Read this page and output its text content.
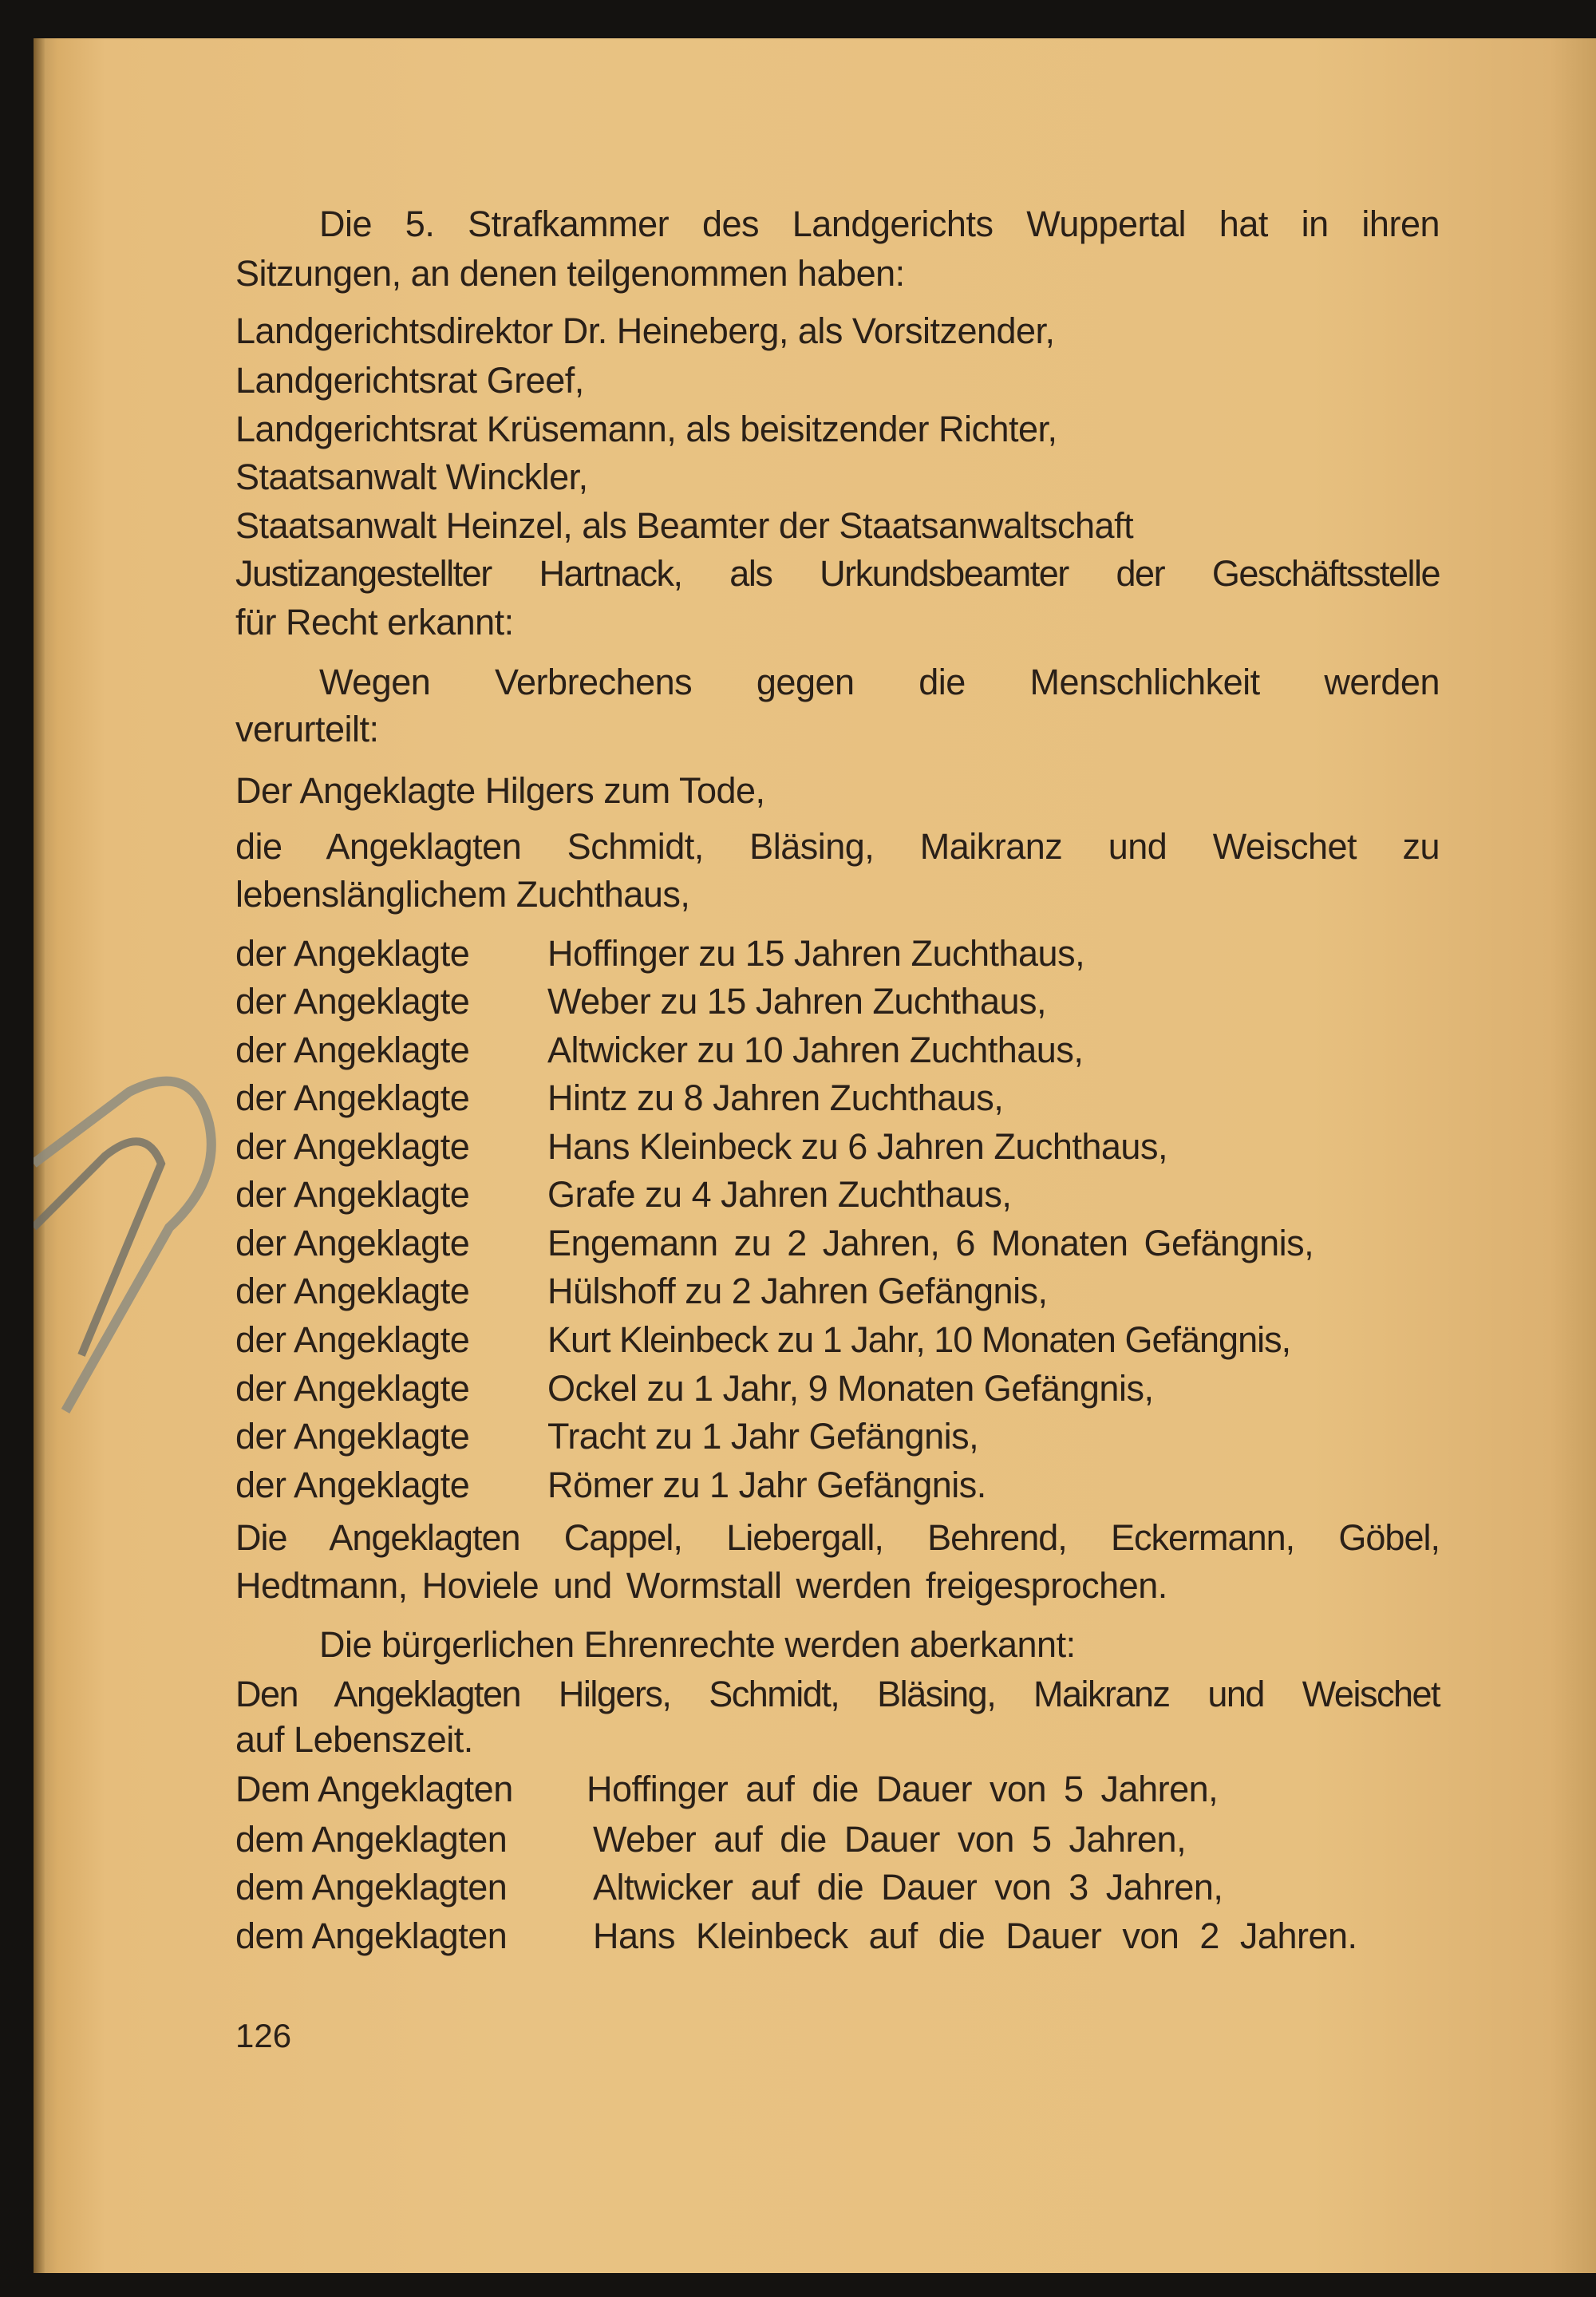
Die 5. Strafkammer des Landgerichts Wuppertal hat in ihren
Sitzungen, an denen teilgenommen haben:
Landgerichtsdirektor Dr. Heineberg, als Vorsitzender,
Landgerichtsrat Greef,
Landgerichtsrat Krüsemann, als beisitzender Richter,
Staatsanwalt Winckler,
Staatsanwalt Heinzel, als Beamter der Staatsanwaltschaft
Justizangestellter Hartnack, als Urkundsbeamter der Geschäftsstelle
für Recht erkannt:
Wegen Verbrechens gegen die Menschlichkeit werden
verurteilt:
Der Angeklagte Hilgers zum Tode,
die Angeklagten Schmidt, Bläsing, Maikranz und Weischet zu
lebenslänglichem Zuchthaus,
der Angeklagte Hoffinger zu 15 Jahren Zuchthaus,
der Angeklagte Weber zu 15 Jahren Zuchthaus,
der Angeklagte Altwicker zu 10 Jahren Zuchthaus,
der Angeklagte Hintz zu 8 Jahren Zuchthaus,
der Angeklagte Hans Kleinbeck zu 6 Jahren Zuchthaus,
der Angeklagte Grafe zu 4 Jahren Zuchthaus,
der Angeklagte Engemann zu 2 Jahren, 6 Monaten Gefängnis,
der Angeklagte Hülshoff zu 2 Jahren Gefängnis,
der Angeklagte Kurt Kleinbeck zu 1 Jahr, 10 Monaten Gefängnis,
der Angeklagte Ockel zu 1 Jahr, 9 Monaten Gefängnis,
der Angeklagte Tracht zu 1 Jahr Gefängnis,
der Angeklagte Römer zu 1 Jahr Gefängnis.
Die Angeklagten Cappel, Liebergall, Behrend, Eckermann, Göbel,
Hedtmann, Hoviele und Wormstall werden freigesprochen.
Die bürgerlichen Ehrenrechte werden aberkannt:
Den Angeklagten Hilgers, Schmidt, Bläsing, Maikranz und Weischet
auf Lebenszeit.
Dem Angeklagten Hoffinger auf die Dauer von 5 Jahren,
dem Angeklagten Weber auf die Dauer von 5 Jahren,
dem Angeklagten Altwicker auf die Dauer von 3 Jahren,
dem Angeklagten Hans Kleinbeck auf die Dauer von 2 Jahren.
126
